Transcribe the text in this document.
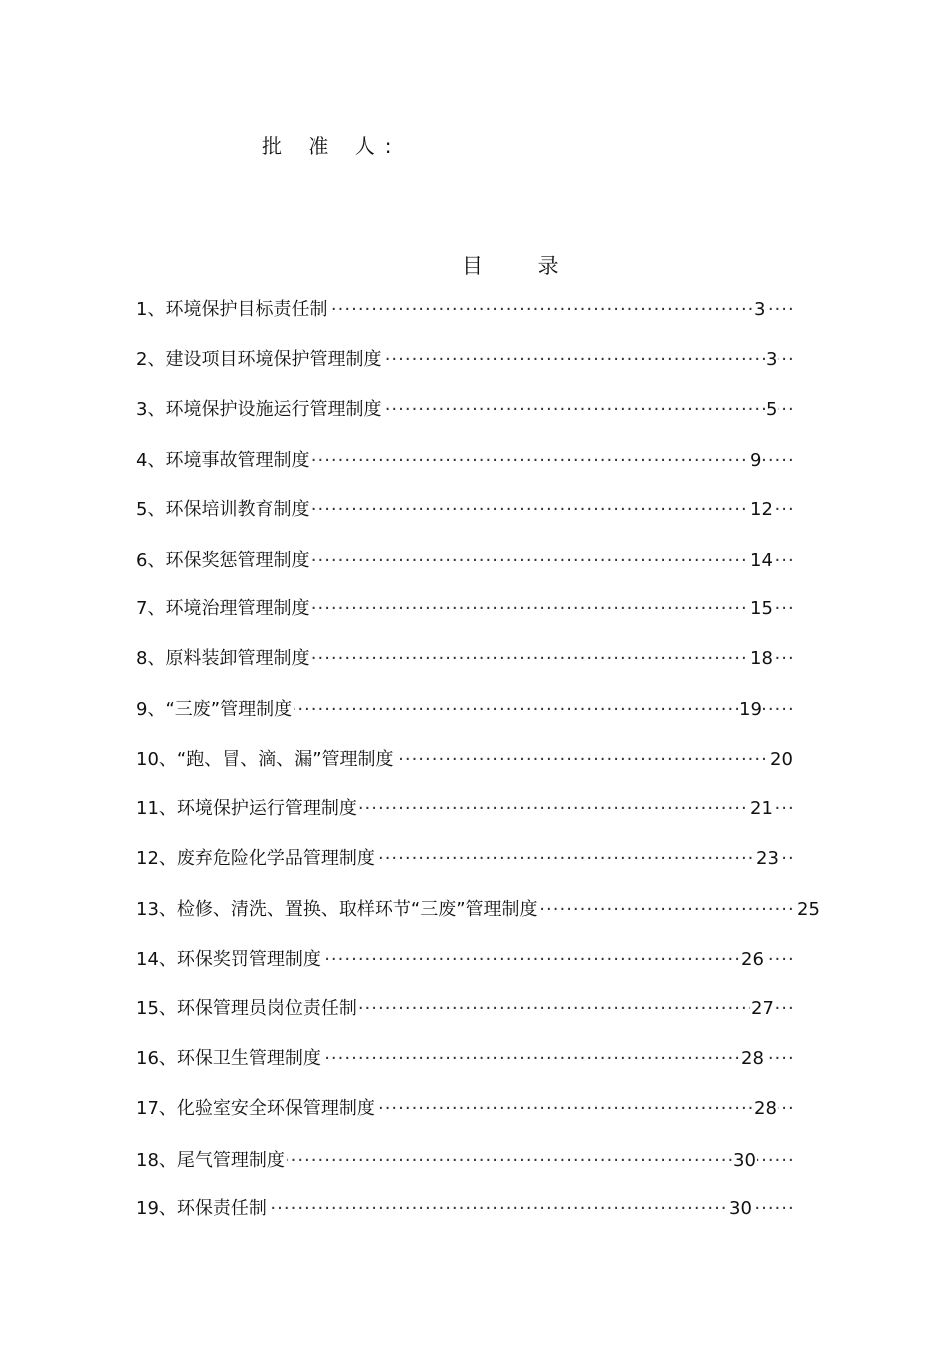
批 准 人:
目 录
·····
1、环境保护目标责任制	3
·····
2、建设项目环境保护管理制度	3
·····
3、环境保护设施运行管理制度	5
·····
4、环境事故管理制度	9
·····
5、环保培训教育制度	12
·····
6、环保奖惩管理制度	14
·····
7、环境治理管理制度	15
·····
8、原料装卸管理制度	18
·····
9、“三废”管理制度	19
·····
10、“跑、冒、滴、漏”管理制度	20
·····
11、环境保护运行管理制度	21
·····
12、废弃危险化学品管理制度	23
·····
13、检修、清洗、置换、取样环节“三废”管理制度	25
·····
14、环保奖罚管理制度	26
·····
15、环保管理员岗位责任制	27
·····
16、环保卫生管理制度	28
·····
17、化验室安全环保管理制度	28
·····
18、尾气管理制度	30
·····
19、环保责任制	30
